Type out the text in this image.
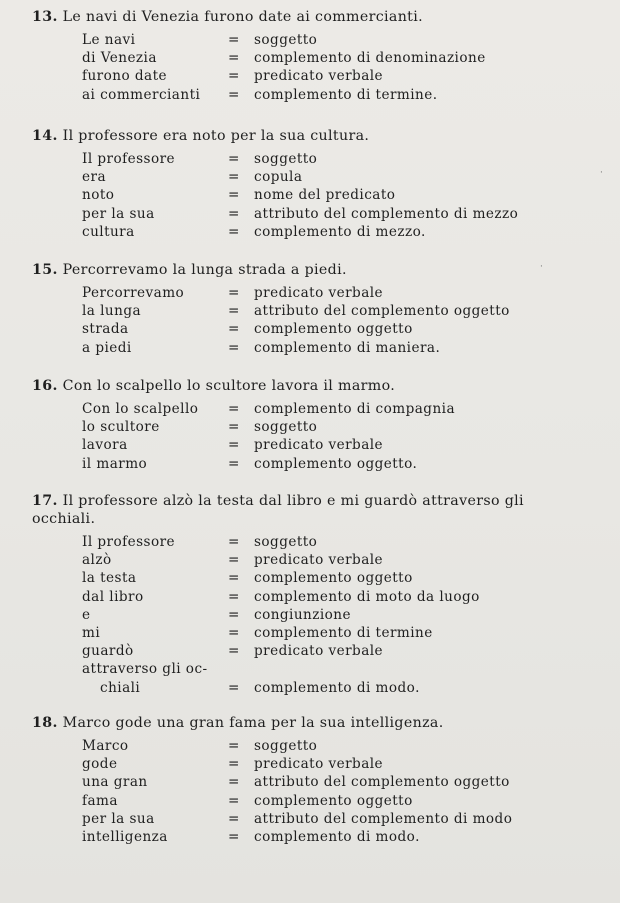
13. Le navi di Venezia furono date ai commercianti.
Le navi	= soggetto
di Venezia	= complemento di denominazione
furono date	= predicato verbale
ai commercianti = complemento di termine.
14. Il professore era noto per la sua cultura.
Il professore	= soggetto
era	= copula
noto	= nome del predicato
per la sua	= attributo del complemento di mezzo
cultura	= complemento di mezzo.
15. Percorrevamo la lunga strada a piedi.
Percorrevamo	= predicato verbale
la lunga	= attributo del complemento oggetto
strada	= complemento oggetto
a piedi	= complemento di maniera.
16. Con lo scalpello lo scultore lavora il marmo.
Con lo scalpello = complemento di compagnia
lo scultore	= soggetto
lavora	= predicato verbale
il marmo	= complemento oggetto.
17. Il professore alzò la testa dal libro e mi guardò attraverso gli occhiali.
Il professore	= soggetto
alzò	= predicato verbale
la testa	= complemento oggetto
dal libro	= complemento di moto da luogo
e	= congiunzione
mi	= complemento di termine
guardò	= predicato verbale
attraverso gli oc-
chiali	= complemento di modo.
18. Marco gode una gran fama per la sua intelligenza.
Marco	= soggetto
gode	= predicato verbale
una gran	= attributo del complemento oggetto
fama	= complemento oggetto
per la sua	= attributo del complemento di modo
intelligenza	= complemento di modo.
·
·
